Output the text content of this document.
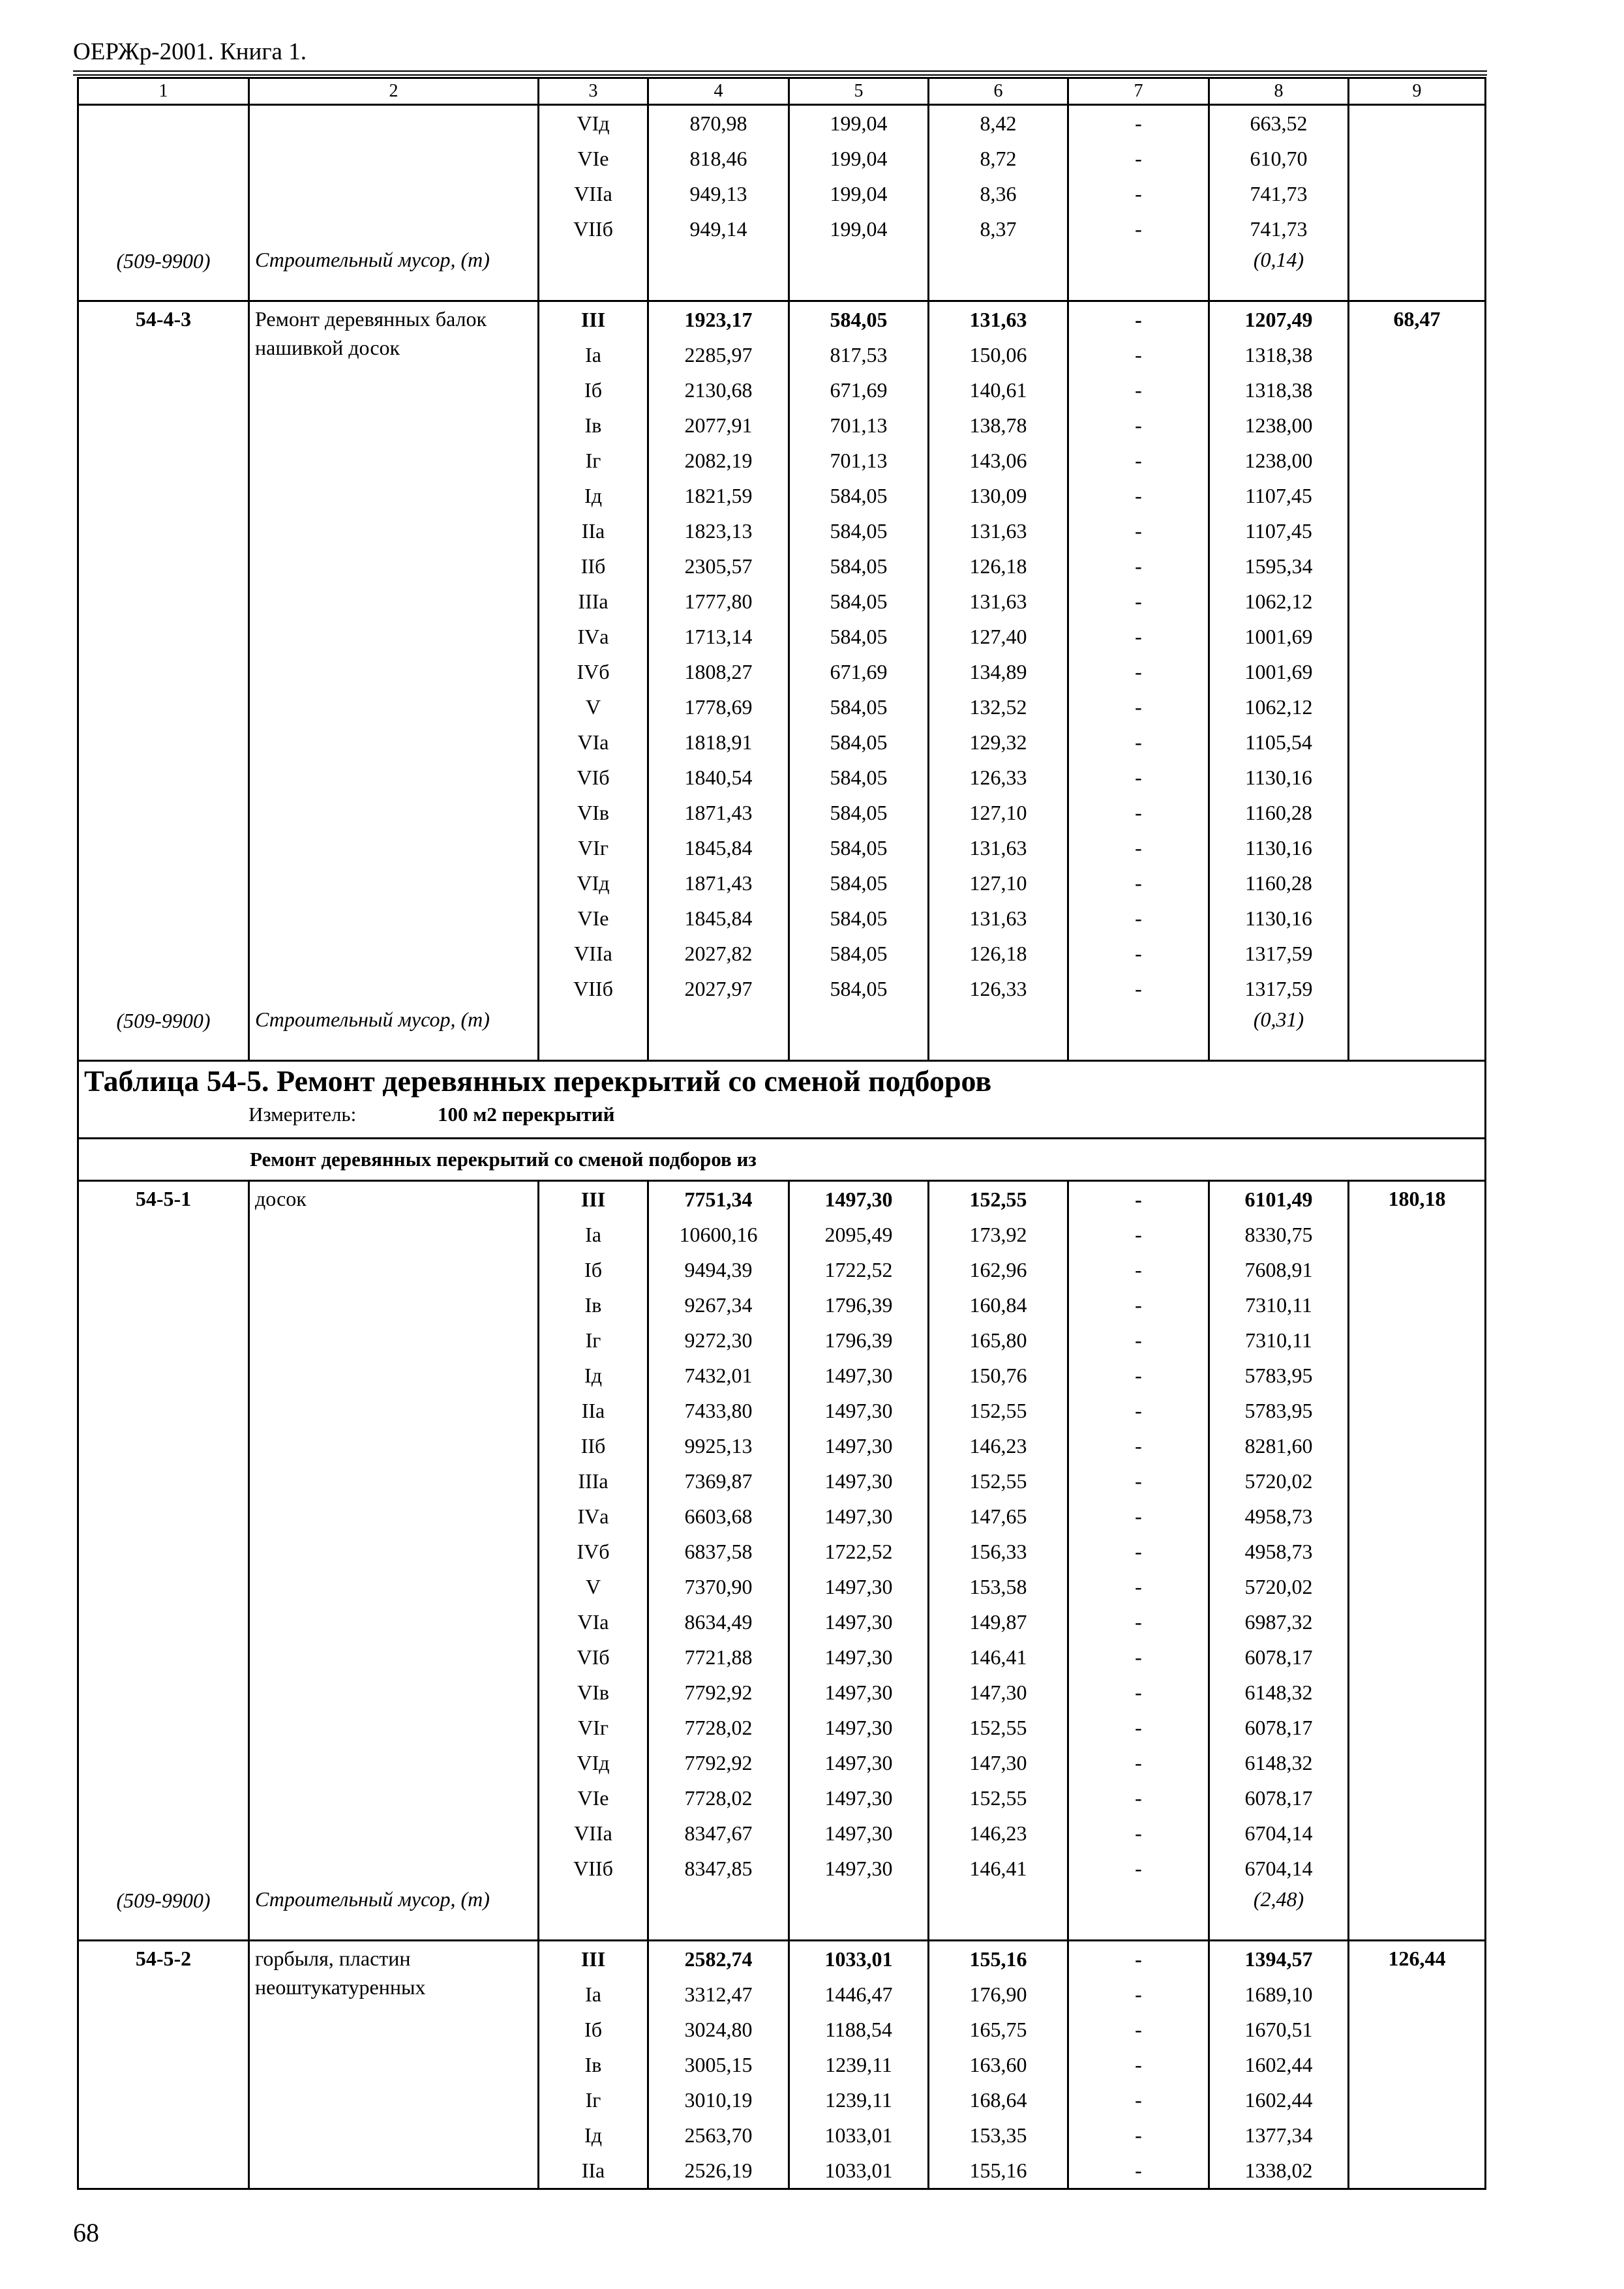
ОЕРЖр-2001. Книга 1.
1	2	3	4	5	6	7	8	9
		VIд	870,98	199,04	8,42	-	663,52	
		VIе	818,46	199,04	8,72	-	610,70	
		VIIа	949,13	199,04	8,36	-	741,73	
		VIIб	949,14	199,04	8,37	-	741,73	

(509-9900)	Строительный мусор, (т)						(0,14)	
54-4-3	Ремонт деревянных балок нашивкой досок	III	1923,17	584,05	131,63	-	1207,49	68,47
		Iа	2285,97	817,53	150,06	-	1318,38	
		Iб	2130,68	671,69	140,61	-	1318,38	
		Iв	2077,91	701,13	138,78	-	1238,00	
		Iг	2082,19	701,13	143,06	-	1238,00	
		Iд	1821,59	584,05	130,09	-	1107,45	
		IIа	1823,13	584,05	131,63	-	1107,45	
		IIб	2305,57	584,05	126,18	-	1595,34	
		IIIа	1777,80	584,05	131,63	-	1062,12	
		IVа	1713,14	584,05	127,40	-	1001,69	
		IVб	1808,27	671,69	134,89	-	1001,69	
		V	1778,69	584,05	132,52	-	1062,12	
		VIа	1818,91	584,05	129,32	-	1105,54	
		VIб	1840,54	584,05	126,33	-	1130,16	
		VIв	1871,43	584,05	127,10	-	1160,28	
		VIг	1845,84	584,05	131,63	-	1130,16	
		VIд	1871,43	584,05	127,10	-	1160,28	
		VIе	1845,84	584,05	131,63	-	1130,16	
		VIIа	2027,82	584,05	126,18	-	1317,59	
		VIIб	2027,97	584,05	126,33	-	1317,59	

(509-9900)	Строительный мусор, (т)						(0,31)	

Таблица 54-5. Ремонт деревянных перекрытий со сменой подборов
Измеритель: 100 м2 перекрытий								

Ремонт деревянных перекрытий со сменой подборов из								
54-5-1	досок	III	7751,34	1497,30	152,55	-	6101,49	180,18
		Iа	10600,16	2095,49	173,92	-	8330,75	
		Iб	9494,39	1722,52	162,96	-	7608,91	
		Iв	9267,34	1796,39	160,84	-	7310,11	
		Iг	9272,30	1796,39	165,80	-	7310,11	
		Iд	7432,01	1497,30	150,76	-	5783,95	
		IIа	7433,80	1497,30	152,55	-	5783,95	
		IIб	9925,13	1497,30	146,23	-	8281,60	
		IIIа	7369,87	1497,30	152,55	-	5720,02	
		IVа	6603,68	1497,30	147,65	-	4958,73	
		IVб	6837,58	1722,52	156,33	-	4958,73	
		V	7370,90	1497,30	153,58	-	5720,02	
		VIа	8634,49	1497,30	149,87	-	6987,32	
		VIб	7721,88	1497,30	146,41	-	6078,17	
		VIв	7792,92	1497,30	147,30	-	6148,32	
		VIг	7728,02	1497,30	152,55	-	6078,17	
		VIд	7792,92	1497,30	147,30	-	6148,32	
		VIе	7728,02	1497,30	152,55	-	6078,17	
		VIIа	8347,67	1497,30	146,23	-	6704,14	
		VIIб	8347,85	1497,30	146,41	-	6704,14	

(509-9900)	Строительный мусор, (т)						(2,48)	
54-5-2	горбыля, пластин неоштукатуренных	III	2582,74	1033,01	155,16	-	1394,57	126,44
		Iа	3312,47	1446,47	176,90	-	1689,10	
		Iб	3024,80	1188,54	165,75	-	1670,51	
		Iв	3005,15	1239,11	163,60	-	1602,44	
		Iг	3010,19	1239,11	168,64	-	1602,44	
		Iд	2563,70	1033,01	153,35	-	1377,34	
		IIа	2526,19	1033,01	155,16	-	1338,02	
68
